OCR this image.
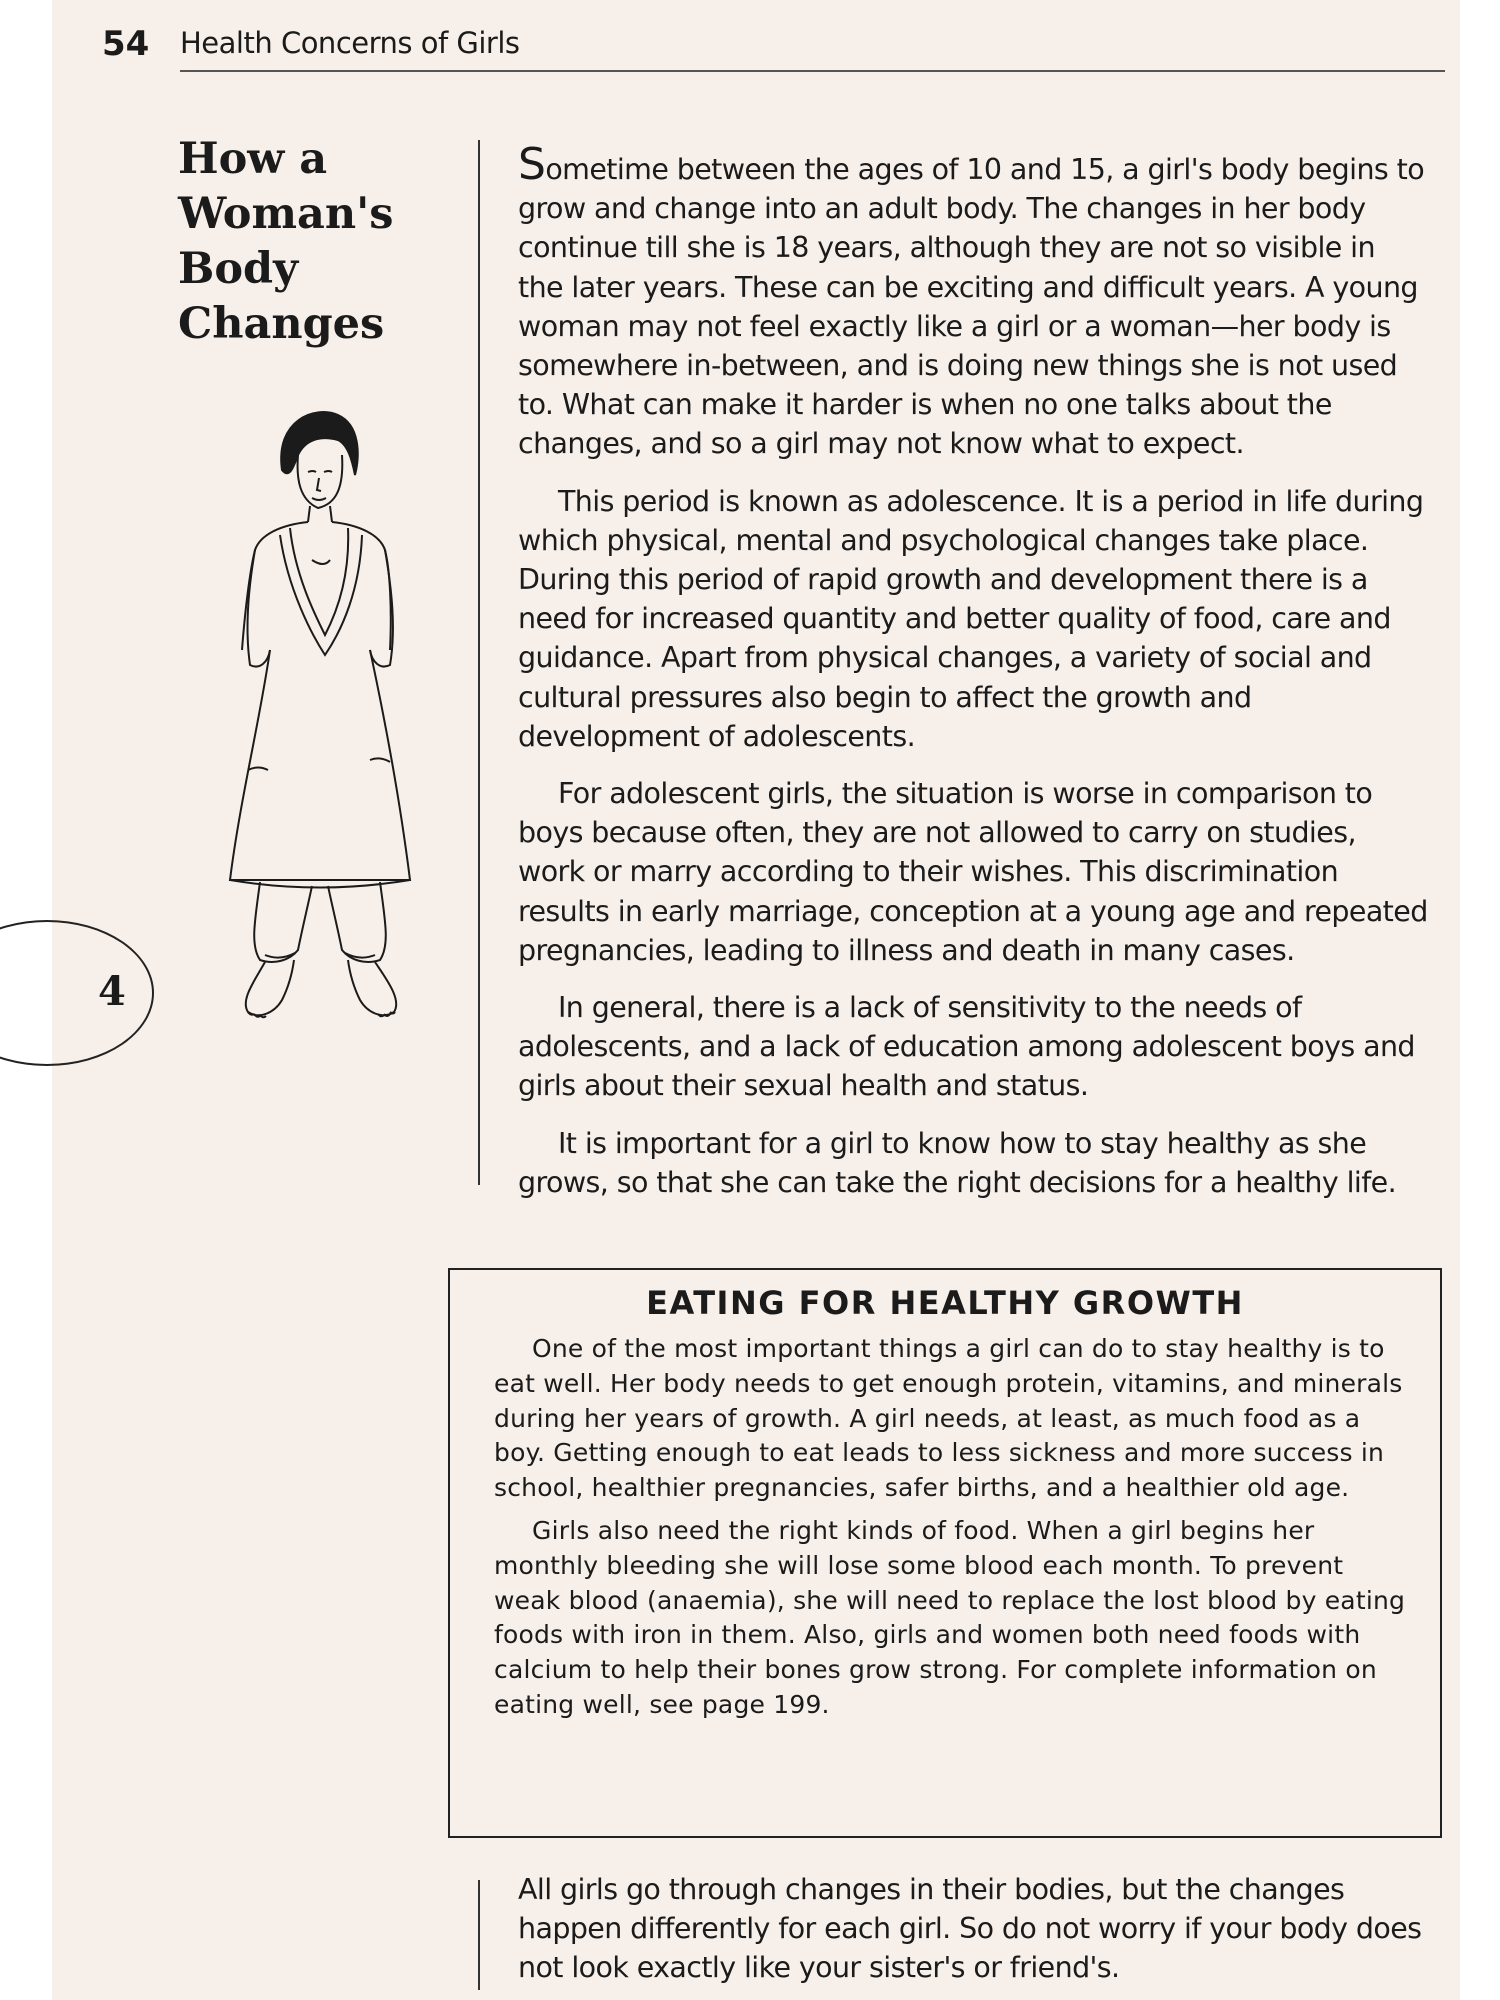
54 Health Concerns of Girls
How a
Woman's
Body
Changes
4

Sometime between the ages of 10 and 15, a girl's body begins to grow and change into an adult body. The changes in her body continue till she is 18 years, although they are not so visible in the later years. These can be exciting and difficult years. A young woman may not feel exactly like a girl or a woman—her body is somewhere in-between, and is doing new things she is not used to. What can make it harder is when no one talks about the changes, and so a girl may not know what to expect.

This period is known as adolescence. It is a period in life during which physical, mental and psychological changes take place. During this period of rapid growth and development there is a need for increased quantity and better quality of food, care and guidance. Apart from physical changes, a variety of social and cultural pressures also begin to affect the growth and development of adolescents.

For adolescent girls, the situation is worse in comparison to boys because often, they are not allowed to carry on studies, work or marry according to their wishes. This discrimination results in early marriage, conception at a young age and repeated pregnancies, leading to illness and death in many cases.

In general, there is a lack of sensitivity to the needs of adolescents, and a lack of education among adolescent boys and girls about their sexual health and status.

It is important for a girl to know how to stay healthy as she grows, so that she can take the right decisions for a healthy life.

EATING FOR HEALTHY GROWTH

One of the most important things a girl can do to stay healthy is to eat well. Her body needs to get enough protein, vitamins, and minerals during her years of growth. A girl needs, at least, as much food as a boy. Getting enough to eat leads to less sickness and more success in school, healthier pregnancies, safer births, and a healthier old age.

Girls also need the right kinds of food. When a girl begins her monthly bleeding she will lose some blood each month. To prevent weak blood (anaemia), she will need to replace the lost blood by eating foods with iron in them. Also, girls and women both need foods with calcium to help their bones grow strong. For complete information on eating well, see page 199.

All girls go through changes in their bodies, but the changes happen differently for each girl. So do not worry if your body does not look exactly like your sister's or friend's.
